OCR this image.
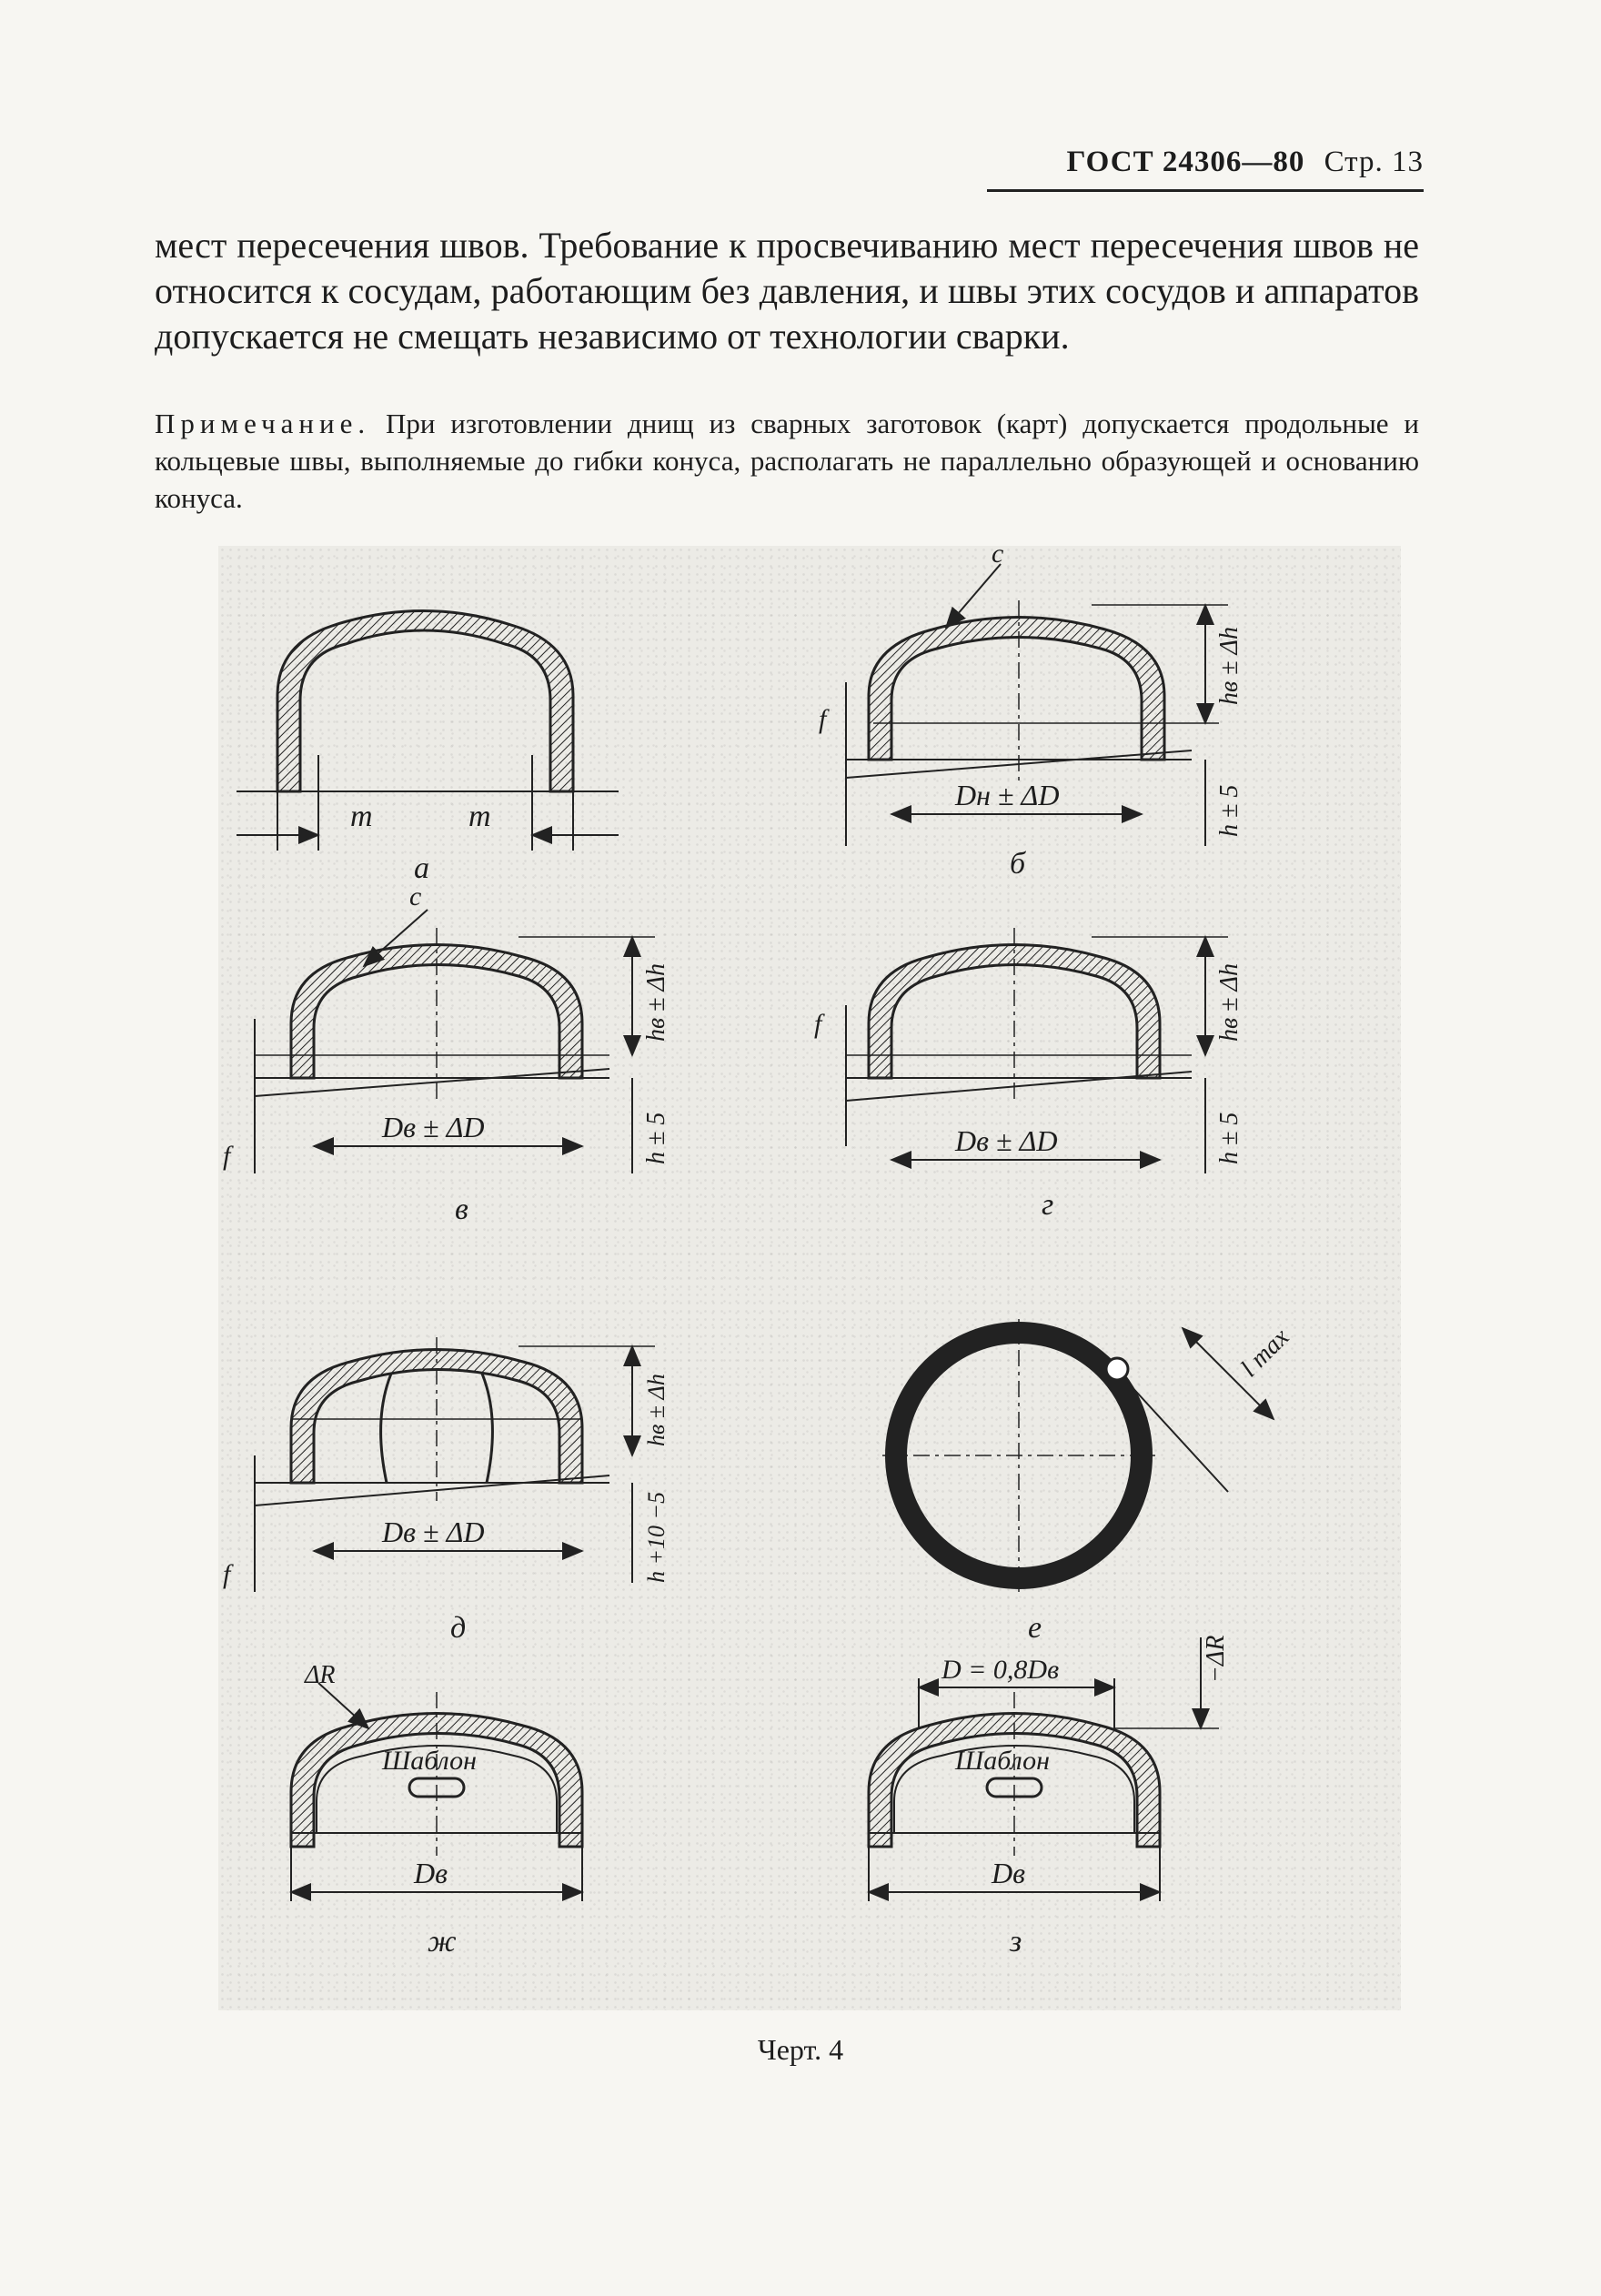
ГОСТ 24306—80 Стр. 13
мест пересечения швов. Требование к просвечиванию мест пересечения швов не относится к сосудам, работающим без давления, и швы этих сосудов и аппаратов допускается не смещать независимо от технологии сварки.
Примечание. При изготовлении днищ из сварных заготовок (карт) допускается продольные и кольцевые швы, выполняемые до гибки конуса, располагать не параллельно образующей и основанию конуса.
m	m
а
c
f
hв ± Δh
h ± 5
Dн ± ΔD
б
c
f
hв ± Δh
h ± 5
Dв ± ΔD
в
f	hв ± Δh
h ± 5
Dв ± ΔD
г
f
hв ± Δh
h +10 −5
Dв ± ΔD
д
l max
е
Шаблон
ΔR
Dв
ж
Шаблон
D = 0,8Dв	−ΔR
Dв
з
Черт. 4
